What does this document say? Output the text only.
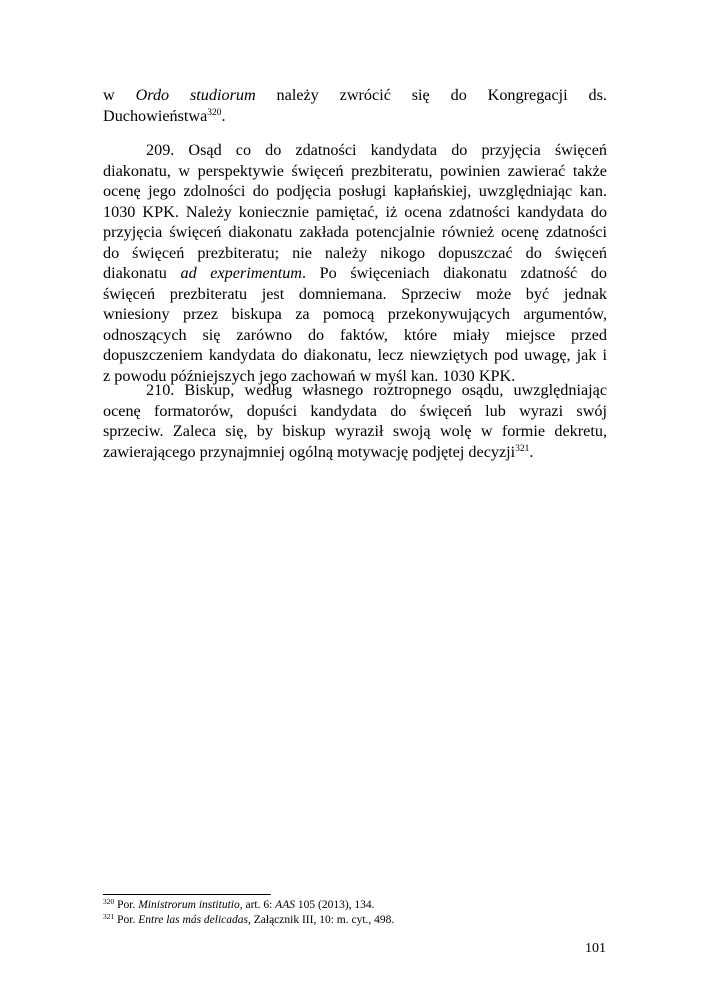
w Ordo studiorum należy zwrócić się do Kongregacji ds.
Duchowieństwa$^{320}$.
209. Osąd co do zdatności kandydata do przyjęcia święceń
diakonatu, w perspektywie święceń prezbiteratu, powinien zawierać także
ocenę jego zdolności do podjęcia posługi kapłańskiej, uwzględniając kan.
1030 KPK. Należy koniecznie pamiętać, iż ocena zdatności kandydata do
przyjęcia święceń diakonatu zakłada potencjalnie również ocenę zdatności
do święceń prezbiteratu; nie należy nikogo dopuszczać do święceń
diakonatu ad experimentum. Po święceniach diakonatu zdatność do
święceń prezbiteratu jest domniemana. Sprzeciw może być jednak
wniesiony przez biskupa za pomocą przekonywujących argumentów,
odnoszących się zarówno do faktów, które miały miejsce przed
dopuszczeniem kandydata do diakonatu, lecz niewziętych pod uwagę, jak i
z powodu późniejszych jego zachowań w myśl kan. 1030 KPK.
210. Biskup, według własnego roztropnego osądu, uwzględniając
ocenę formatorów, dopuści kandydata do święceń lub wyrazi swój
sprzeciw. Zaleca się, by biskup wyraził swoją wolę w formie dekretu,
zawierającego przynajmniej ogólną motywację podjętej decyzji$^{321}$.
$^{320}$ Por. Ministrorum institutio, art. 6: AAS 105 (2013), 134.
$^{321}$ Por. Entre las más delicadas, Załącznik III, 10: m. cyt., 498.
101
